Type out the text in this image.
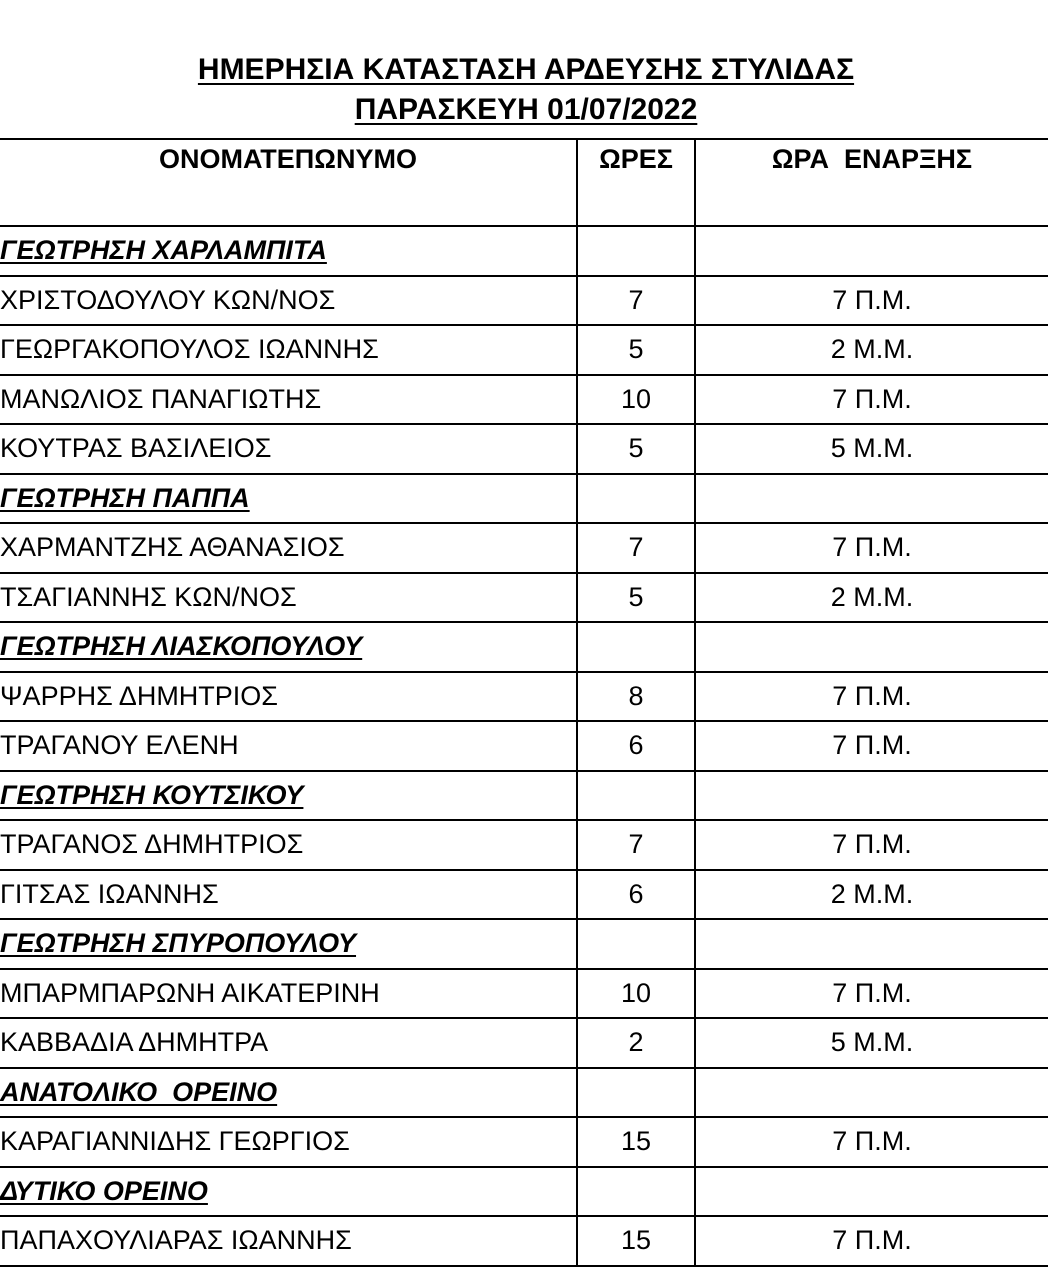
ΗΜΕΡΗΣΙΑ ΚΑΤΑΣΤΑΣΗ ΑΡΔΕΥΣΗΣ ΣΤΥΛΙΔΑΣ
ΠΑΡΑΣΚΕΥΗ 01/07/2022
ΟΝΟΜΑΤΕΠΩΝΥΜΟ	ΩΡΕΣ	ΩΡΑ  ΕΝΑΡΞΗΣ
ΓΕΩΤΡΗΣΗ ΧΑΡΛΑΜΠΙΤΑ		
ΧΡΙΣΤΟΔΟΥΛΟΥ ΚΩΝ/ΝΟΣ	7	7 Π.Μ.
ΓΕΩΡΓΑΚΟΠΟΥΛΟΣ ΙΩΑΝΝΗΣ	5	2 Μ.Μ.
ΜΑΝΩΛΙΟΣ ΠΑΝΑΓΙΩΤΗΣ	10	7 Π.Μ.
ΚΟΥΤΡΑΣ ΒΑΣΙΛΕΙΟΣ	5	5 Μ.Μ.
ΓΕΩΤΡΗΣΗ ΠΑΠΠΑ		
ΧΑΡΜΑΝΤΖΗΣ ΑΘΑΝΑΣΙΟΣ	7	7 Π.Μ.
ΤΣΑΓΙΑΝΝΗΣ ΚΩΝ/ΝΟΣ	5	2 Μ.Μ.
ΓΕΩΤΡΗΣΗ ΛΙΑΣΚΟΠΟΥΛΟΥ		
ΨΑΡΡΗΣ ΔΗΜΗΤΡΙΟΣ	8	7 Π.Μ.
ΤΡΑΓΑΝΟΥ ΕΛΕΝΗ	6	7 Π.Μ.
ΓΕΩΤΡΗΣΗ ΚΟΥΤΣΙΚΟΥ		
ΤΡΑΓΑΝΟΣ ΔΗΜΗΤΡΙΟΣ	7	7 Π.Μ.
ΓΙΤΣΑΣ ΙΩΑΝΝΗΣ	6	2 Μ.Μ.
ΓΕΩΤΡΗΣΗ ΣΠΥΡΟΠΟΥΛΟΥ		
ΜΠΑΡΜΠΑΡΩΝΗ ΑΙΚΑΤΕΡΙΝΗ	10	7 Π.Μ.
ΚΑΒΒΑΔΙΑ ΔΗΜΗΤΡΑ	2	5 Μ.Μ.
ΑΝΑΤΟΛΙΚΟ  ΟΡΕΙΝΟ		
ΚΑΡΑΓΙΑΝΝΙΔΗΣ ΓΕΩΡΓΙΟΣ	15	7 Π.Μ.
ΔΥΤΙΚΟ ΟΡΕΙΝΟ		
ΠΑΠΑΧΟΥΛΙΑΡΑΣ ΙΩΑΝΝΗΣ	15	7 Π.Μ.
